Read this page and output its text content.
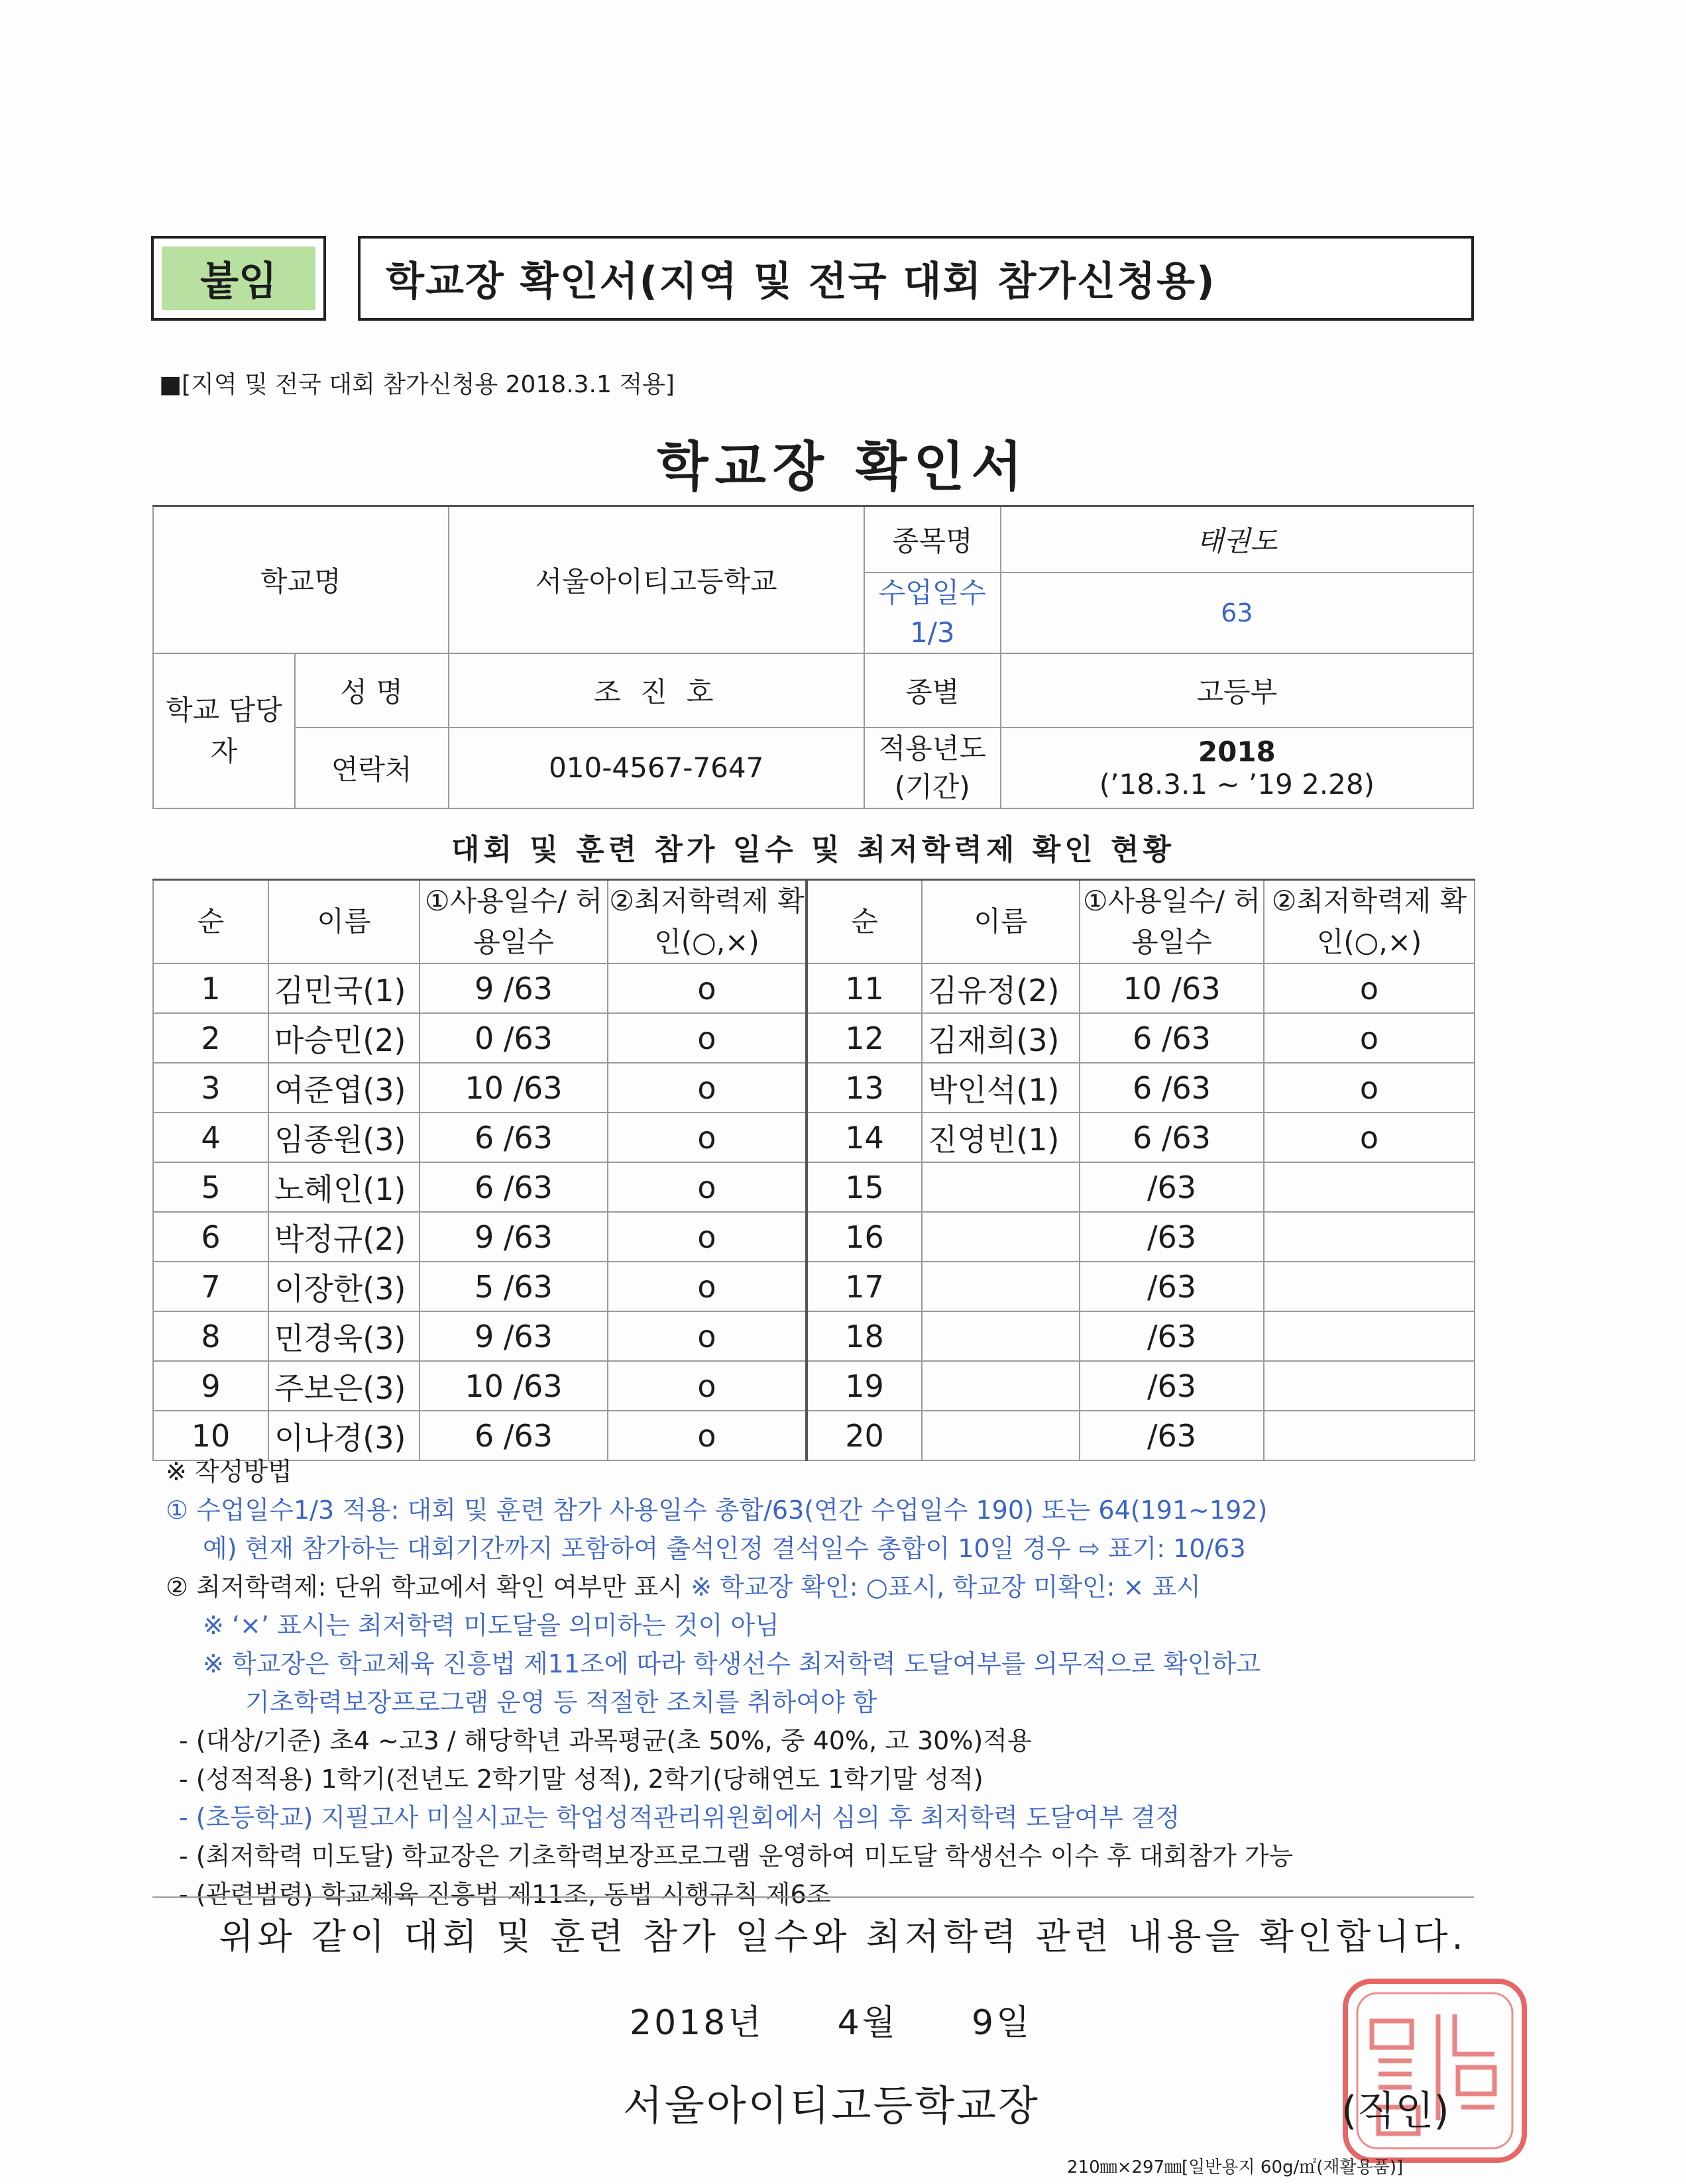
붙임	학교장 확인서(지역 및 전국 대회 참가신청용)
■[지역 및 전국 대회 참가신청용 2018.3.1 적용]
학교장 확인서
학교명		서울아이티고등학교	종목명	태권도
			수업일수 1/3	63
학교 담당자	성 명	조 진 호	종별	고등부
	연락처	010-4567-7647	적용년도 (기간)	2018
(’18.3.1 ~ ’19 2.28)
대회 및 훈련 참가 일수 및 최저학력제 확인 현황
순	이름	①사용일수/ 허용일수	②최저학력제 확인(○,×)	순	이름	①사용일수/ 허용일수	②최저학력제 확인(○,×)
1	김민국(1)	9 /63	o	11	김유정(2)	10 /63	o
2	마승민(2)	0 /63	o	12	김재희(3)	6 /63	o
3	여준엽(3)	10 /63	o	13	박인석(1)	6 /63	o
4	임종원(3)	6 /63	o	14	진영빈(1)	6 /63	o
5	노혜인(1)	6 /63	o	15		/63	
6	박정규(2)	9 /63	o	16		/63	
7	이장한(3)	5 /63	o	17		/63	
8	민경욱(3)	9 /63	o	18		/63	
9	주보은(3)	10 /63	o	19		/63	
10	이나경(3)	6 /63	o	20		/63	
※ 작성방법
① 수업일수1/3 적용: 대회 및 훈련 참가 사용일수 총합/63(연간 수업일수 190) 또는 64(191~192)
예) 현재 참가하는 대회기간까지 포함하여 출석인정 결석일수 총합이 10일 경우 ⇨ 표기: 10/63
② 최저학력제: 단위 학교에서 확인 여부만 표시 ※ 학교장 확인: ○표시, 학교장 미확인: × 표시
※ ‘×’ 표시는 최저학력 미도달을 의미하는 것이 아님
※ 학교장은 학교체육 진흥법 제11조에 따라 학생선수 최저학력 도달여부를 의무적으로 확인하고
기초학력보장프로그램 운영 등 적절한 조치를 취하여야 함
- (대상/기준) 초4 ~고3 / 해당학년 과목평균(초 50%, 중 40%, 고 30%)적용
- (성적적용) 1학기(전년도 2학기말 성적), 2학기(당해연도 1학기말 성적)
- (초등학교) 지필고사 미실시교는 학업성적관리위원회에서 심의 후 최저학력 도달여부 결정
- (최저학력 미도달) 학교장은 기초학력보장프로그램 운영하여 미도달 학생선수 이수 후 대회참가 가능
- (관련법령) 학교체육 진흥법 제11조, 동법 시행규칙 제6조
위와 같이 대회 및 훈련 참가 일수와 최저학력 관련 내용을 확인합니다.
2018년 4월 9일
서울아이티고등학교장	(직인)
210㎜×297㎜[일반용지 60g/㎡(재활용품)]
